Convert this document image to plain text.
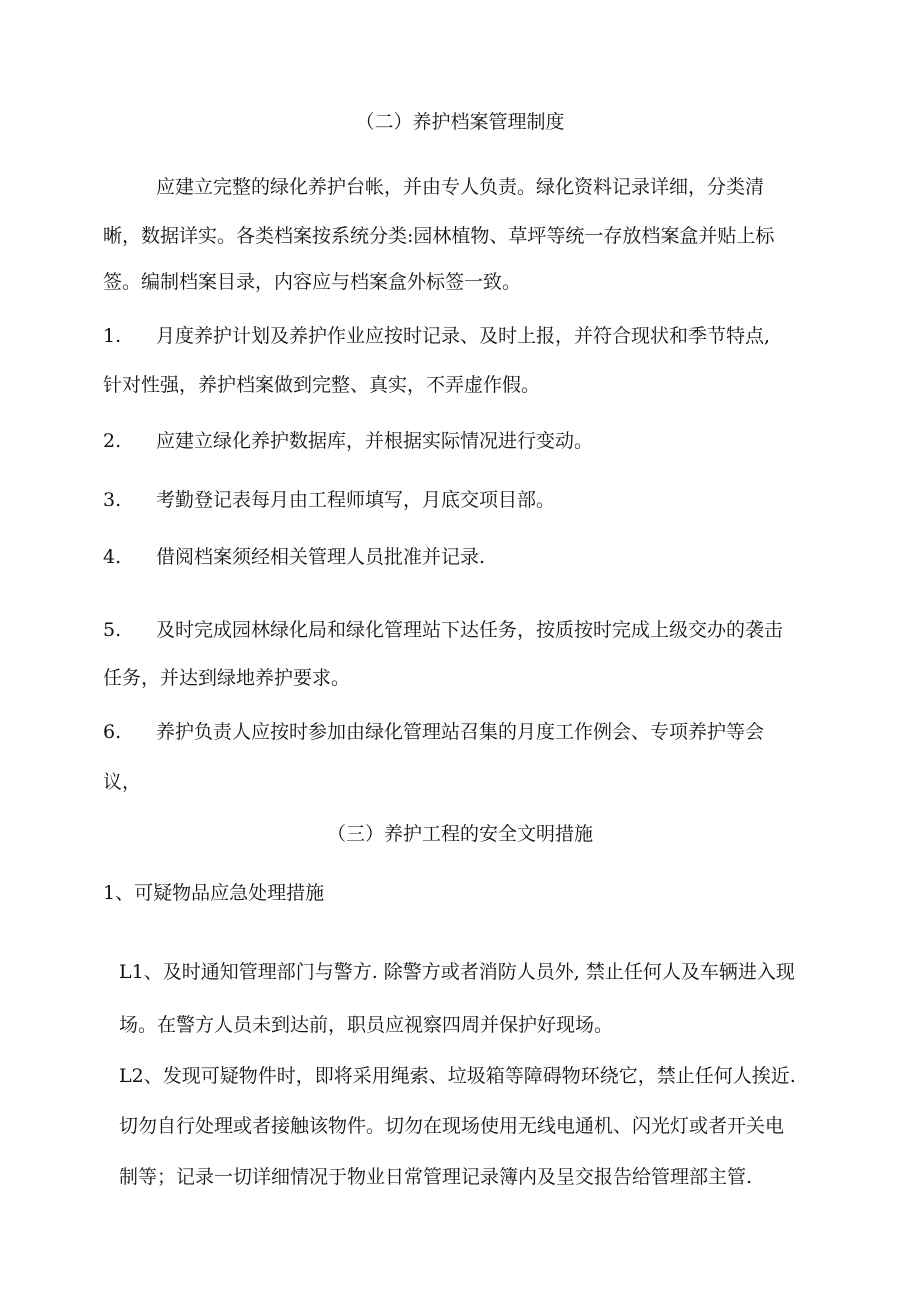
（二）养护档案管理制度
应建立完整的绿化养护台帐，并由专人负责。绿化资料记录详细，分类清
晰，数据详实。各类档案按系统分类:园林植物、草坪等统一存放档案盒并贴上标
签。编制档案目录，内容应与档案盒外标签一致。
1. 月度养护计划及养护作业应按时记录、及时上报，并符合现状和季节特点,
针对性强，养护档案做到完整、真实，不弄虚作假。
2. 应建立绿化养护数据库，并根据实际情况进行变动。
3. 考勤登记表每月由工程师填写，月底交项目部。
4. 借阅档案须经相关管理人员批准并记录.
5. 及时完成园林绿化局和绿化管理站下达任务，按质按时完成上级交办的袭击
任务，并达到绿地养护要求。
6. 养护负责人应按时参加由绿化管理站召集的月度工作例会、专项养护等会
议，
（三）养护工程的安全文明措施
1、可疑物品应急处理措施
L1、及时通知管理部门与警方. 除警方或者消防人员外, 禁止任何人及车辆进入现
场。在警方人员未到达前，职员应视察四周并保护好现场。
L2、发现可疑物件时，即将采用绳索、垃圾箱等障碍物环绕它，禁止任何人挨近.
切勿自行处理或者接触该物件。切勿在现场使用无线电通机、闪光灯或者开关电
制等；记录一切详细情况于物业日常管理记录簿内及呈交报告给管理部主管.
